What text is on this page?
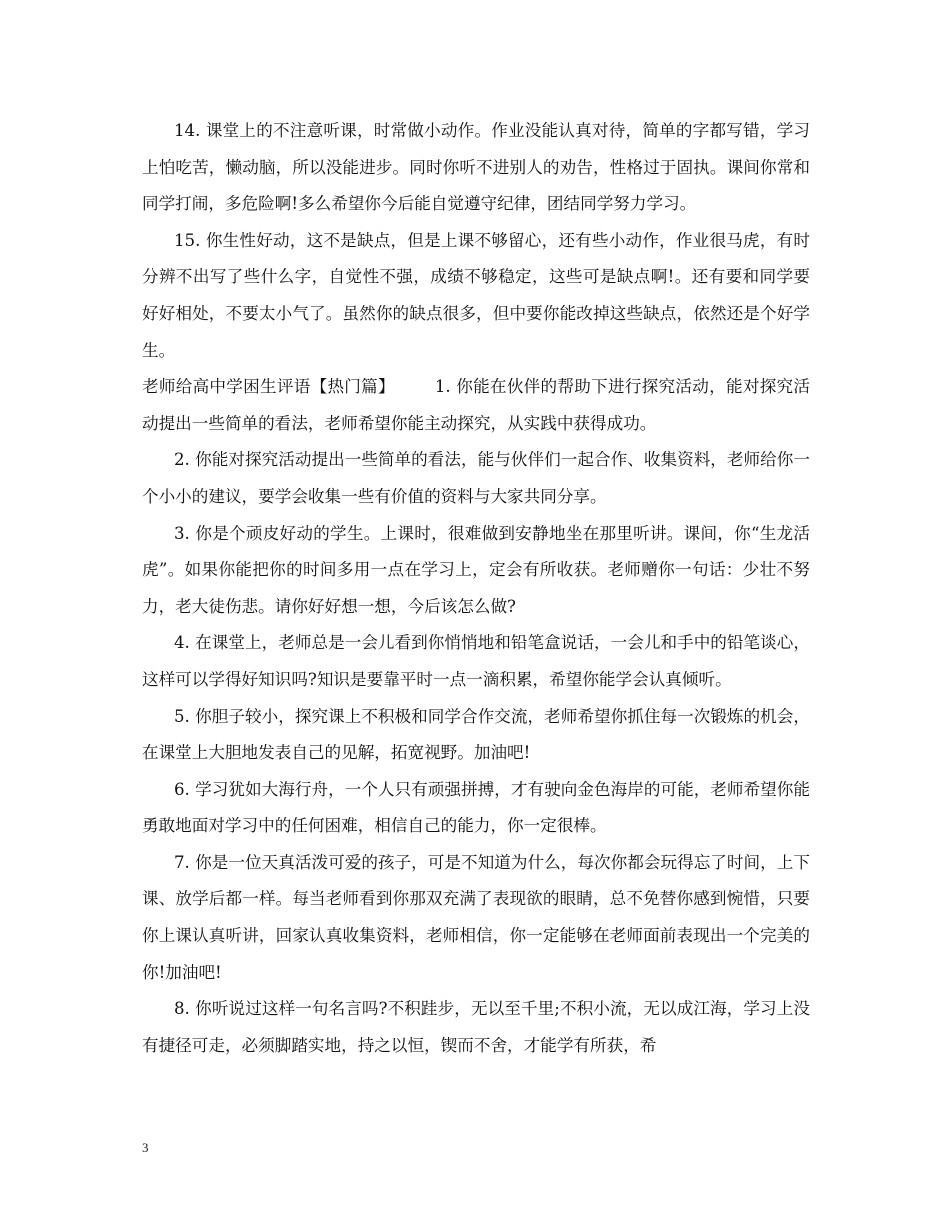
14. 课堂上的不注意听课，时常做小动作。作业没能认真对待，简单的字都写错，学习上怕吃苦，懒动脑，所以没能进步。同时你听不进别人的劝告，性格过于固执。课间你常和同学打闹，多危险啊!多么希望你今后能自觉遵守纪律，团结同学努力学习。

15. 你生性好动，这不是缺点，但是上课不够留心，还有些小动作，作业很马虎，有时分辨不出写了些什么字，自觉性不强，成绩不够稳定，这些可是缺点啊!。还有要和同学要好好相处，不要太小气了。虽然你的缺点很多，但中要你能改掉这些缺点，依然还是个好学生。

老师给高中学困生评语【热门篇】 1. 你能在伙伴的帮助下进行探究活动，能对探究活动提出一些简单的看法，老师希望你能主动探究，从实践中获得成功。

2. 你能对探究活动提出一些简单的看法，能与伙伴们一起合作、收集资料，老师给你一个小小的建议，要学会收集一些有价值的资料与大家共同分享。

3. 你是个顽皮好动的学生。上课时，很难做到安静地坐在那里听讲。课间，你“生龙活虎”。如果你能把你的时间多用一点在学习上，定会有所收获。老师赠你一句话：少壮不努力，老大徒伤悲。请你好好想一想，今后该怎么做?

4. 在课堂上，老师总是一会儿看到你悄悄地和铅笔盒说话，一会儿和手中的铅笔谈心，这样可以学得好知识吗?知识是要靠平时一点一滴积累，希望你能学会认真倾听。

5. 你胆子较小，探究课上不积极和同学合作交流，老师希望你抓住每一次锻炼的机会，在课堂上大胆地发表自己的见解，拓宽视野。加油吧!

6. 学习犹如大海行舟，一个人只有顽强拼搏，才有驶向金色海岸的可能，老师希望你能勇敢地面对学习中的任何困难，相信自己的能力，你一定很棒。

7. 你是一位天真活泼可爱的孩子，可是不知道为什么，每次你都会玩得忘了时间，上下课、放学后都一样。每当老师看到你那双充满了表现欲的眼睛，总不免替你感到惋惜，只要你上课认真听讲，回家认真收集资料，老师相信，你一定能够在老师面前表现出一个完美的你!加油吧!

8. 你听说过这样一句名言吗?不积跬步，无以至千里;不积小流，无以成江海，学习上没有捷径可走，必须脚踏实地，持之以恒，锲而不舍，才能学有所获，希

3
